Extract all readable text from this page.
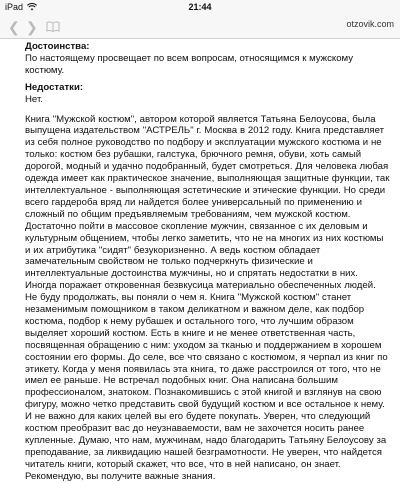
iPad	21:44
❮ ❯	otzovik.com
Достоинства:
По настоящему просвещает по всем вопросам, относящимся к мужскому костюму.
Недостатки:
Нет.
Книга "Мужской костюм", автором которой является Татьяна Белоусова, была выпущена издательством "АСТРЕЛЬ" г. Москва в 2012 году. Книга представляет из себя полное руководство по подбору и эксплуатации мужского костюма и не только: костюм без рубашки, галстука, брючного ремня, обуви, хоть самый дорогой, модный и удачно подобранный, будет смотреться. Для человека любая одежда имеет как практическое значение, выполняющая защитные функции, так интеллектуальное - выполняющая эстетические и этические функции. Но среди всего гардероба вряд ли найдется более универсальный по применению и сложный по общим предъявляемым требованиям, чем мужской костюм. Достаточно пойти в массовое скопление мужчин, связанное с их деловым и культурным общением, чтобы легко заметить, что не на многих из них костюмы и их атрибутика "сидят" безукоризненно. А ведь костюм обладает замечательным свойством не только подчеркнуть физические и интеллектуальные достоинства мужчины, но и спрятать недостатки в них. Иногда поражает откровенная безвкусица материально обеспеченных людей. Не буду продолжать, вы поняли о чем я. Книга "Мужской костюм" станет незаменимым помощником в таком деликатном и важном деле, как подбор костюма, подбор к нему рубашек и остального того, что лучшим образом выделяет хороший костюм. Есть в книге и не менее ответственная часть, посвященная обращению с ним: уходом за тканью и поддержанием в хорошем состоянии его формы. До селе, все что связано с костюмом, я черпал из книг по этикету. Когда у меня появилась эта книга, то даже расстроился от того, что не имел ее раньше. Не встречал подобных книг. Она написана большим профессионалом, знатоком. Познакомившись с этой книгой и взглянув на свою фигуру, можно четко представить свой будущий костюм и все остальное к нему. И не важно для каких целей вы его будете покупать. Уверен, что следующий костюм преобразит вас до неузнаваемости, вам не захочется носить ранее купленные. Думаю, что нам, мужчинам, надо благодарить Татьяну Белоусову за преподавание, за ликвидацию нашей безграмотности. Не уверен, что найдется читатель книги, который скажет, что все, что в ней написано, он знает. Рекомендую, вы получите важные знания.
